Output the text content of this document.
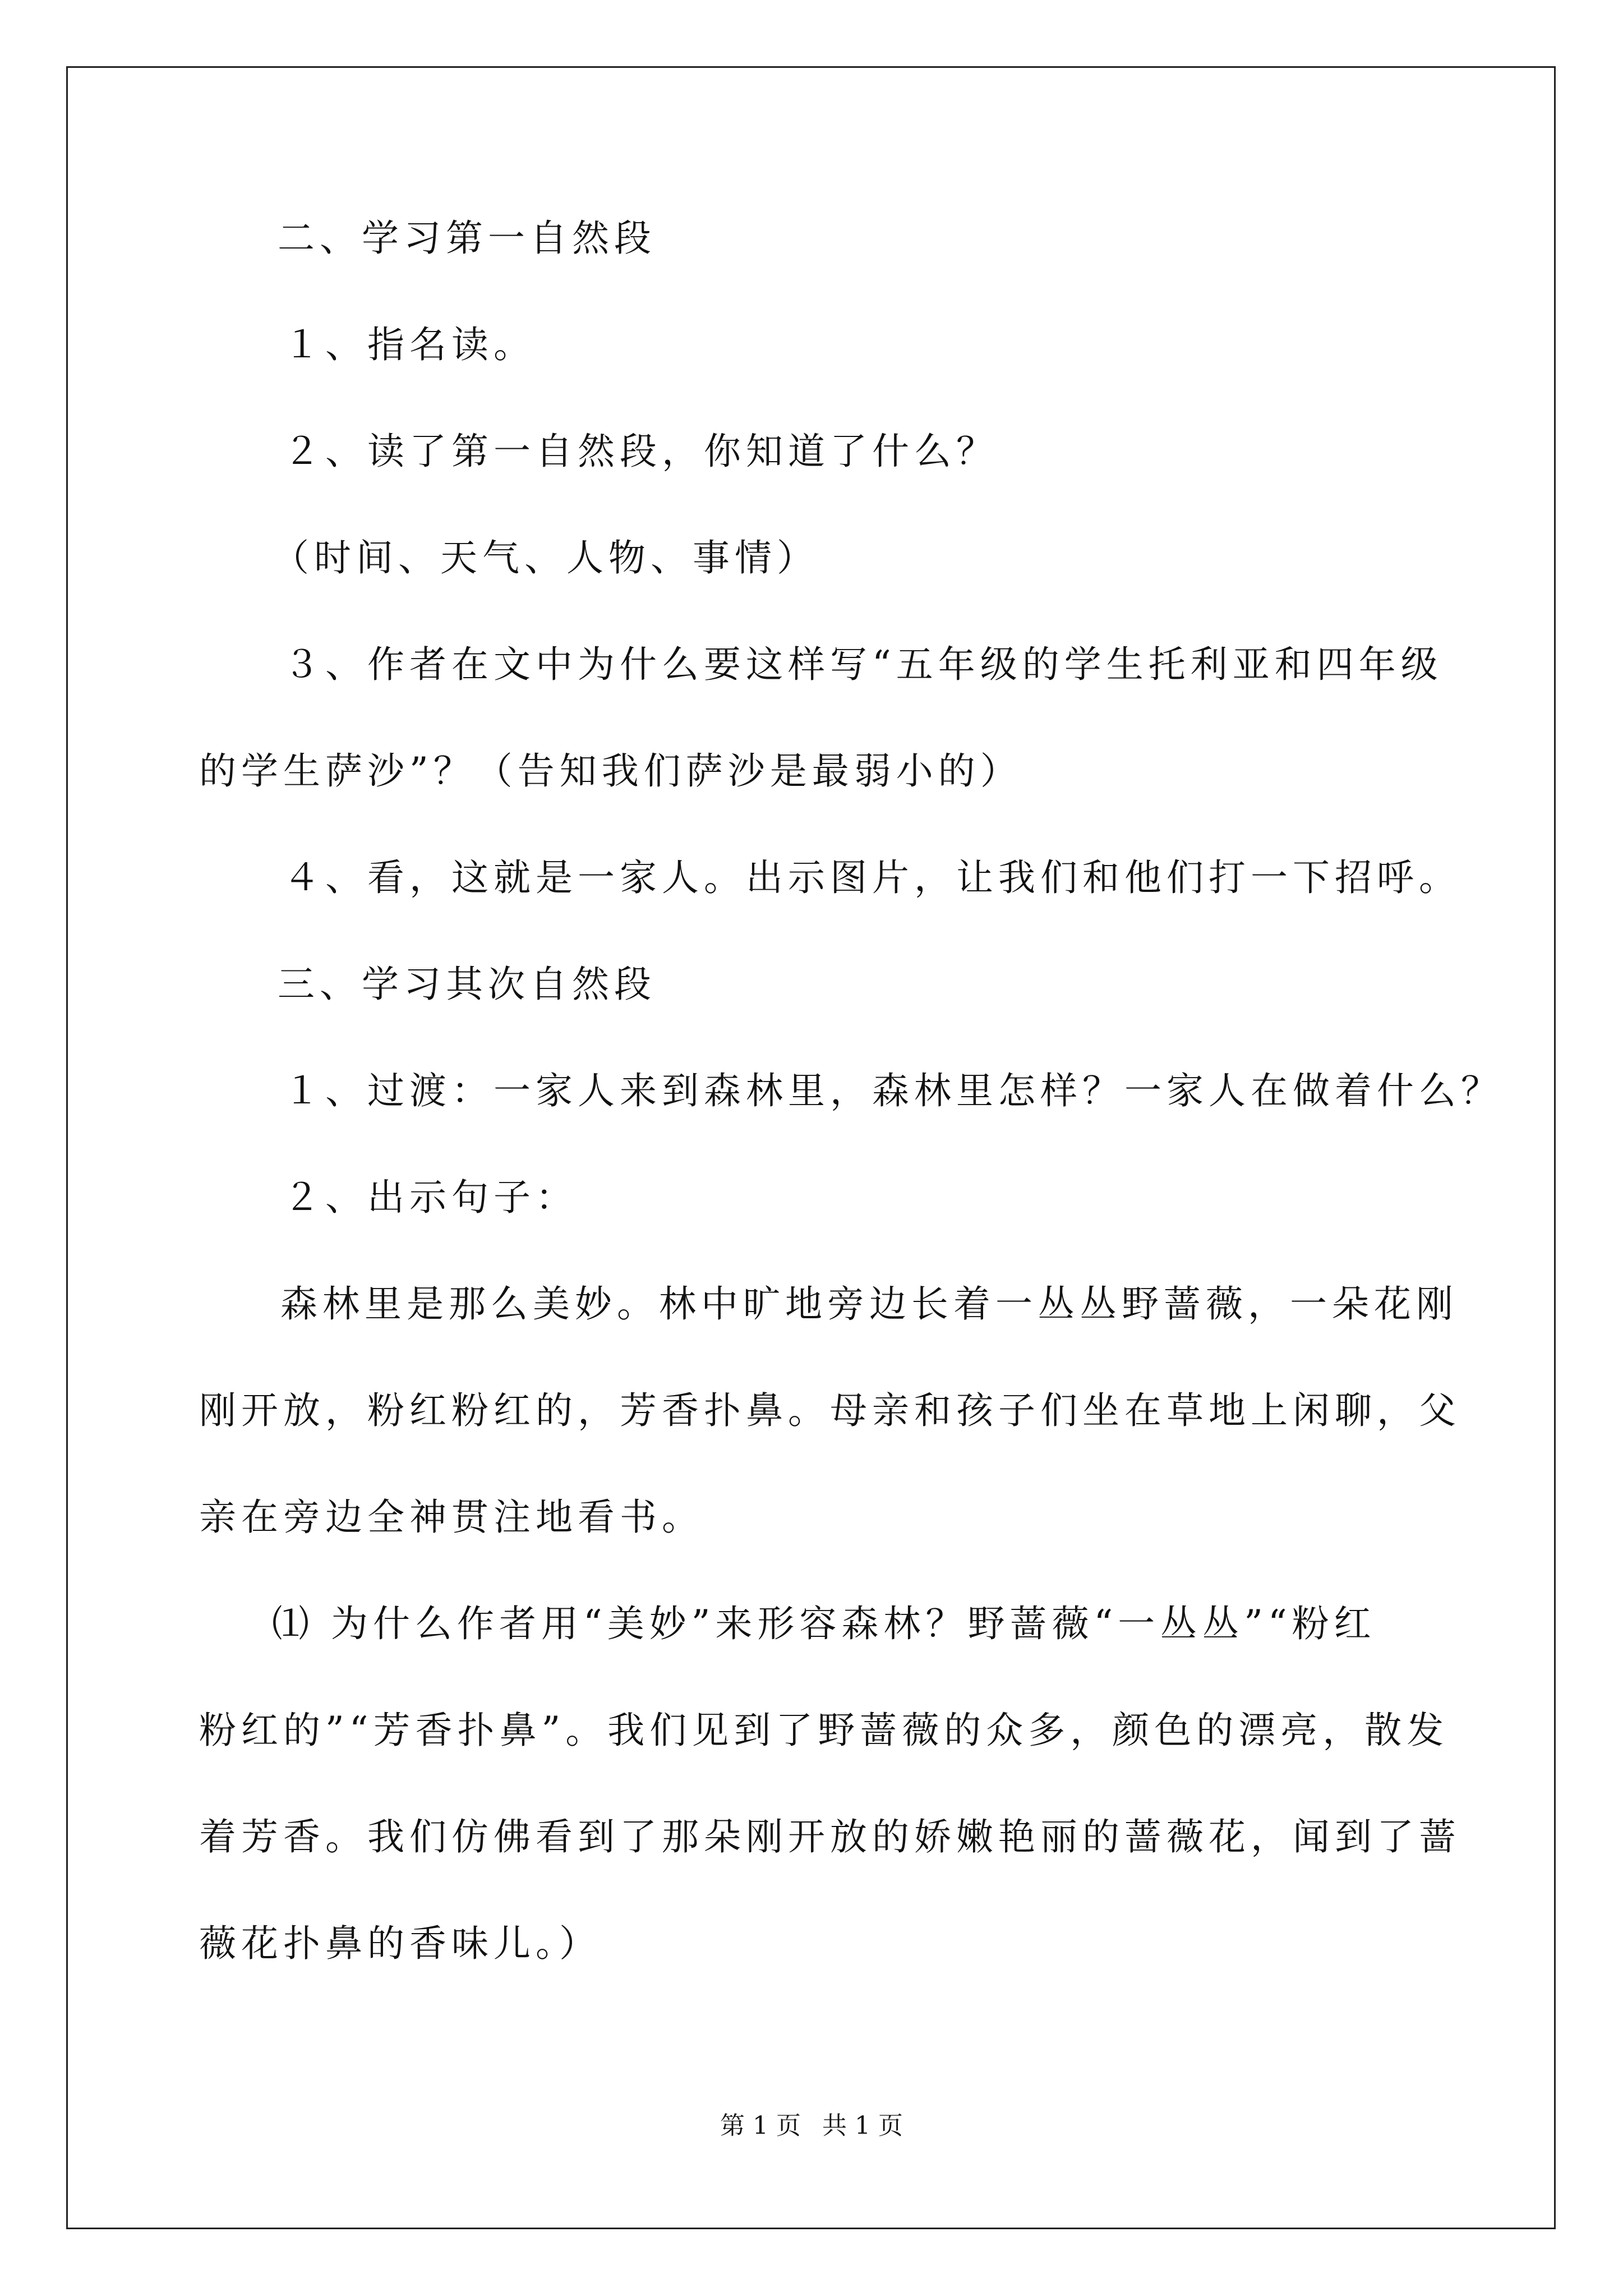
二、学习第一自然段
１、指名读。
２、读了第一自然段，你知道了什么？
（时间、天气、人物、事情）
３、作者在文中为什么要这样写“五年级的学生托利亚和四年级
的学生萨沙”？（告知我们萨沙是最弱小的）
４、看，这就是一家人。出示图片，让我们和他们打一下招呼。
三、学习其次自然段
１、过渡：一家人来到森林里，森林里怎样？一家人在做着什么？
２、出示句子：
森林里是那么美妙。林中旷地旁边长着一丛丛野蔷薇，一朵花刚
刚开放，粉红粉红的，芳香扑鼻。母亲和孩子们坐在草地上闲聊，父
亲在旁边全神贯注地看书。
⑴ 为什么作者用“美妙”来形容森林？野蔷薇“一丛丛”“粉红
粉红的”“芳香扑鼻”。我们见到了野蔷薇的众多，颜色的漂亮，散发
着芳香。我们仿佛看到了那朵刚开放的娇嫩艳丽的蔷薇花，闻到了蔷
薇花扑鼻的香味儿。）
第 1 页 共 1 页
